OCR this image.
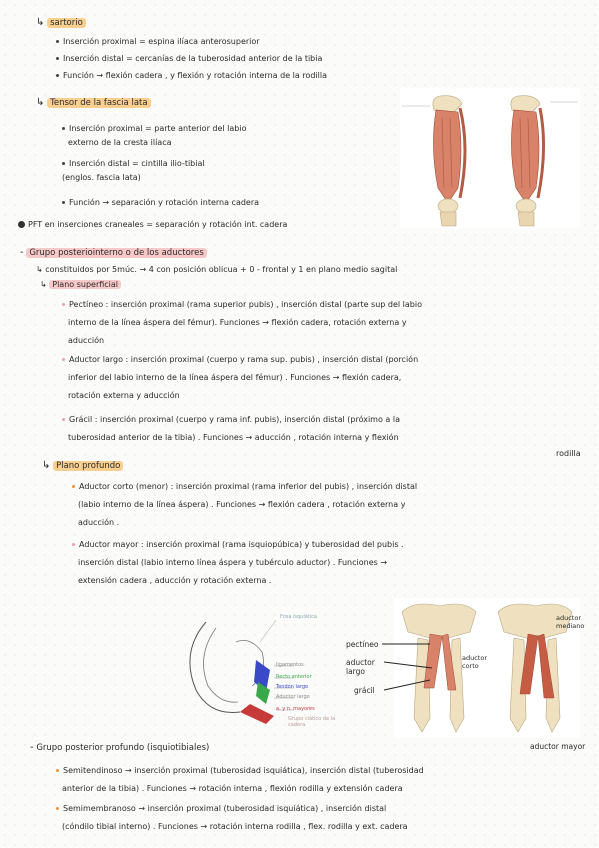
↳ sartorio
Inserción proximal = espina ilíaca anterosuperior
Inserción distal = cercanías de la tuberosidad anterior de la tibia
Función → flexión cadera , y flexión y rotación interna de la rodilla
↳ Tensor de la fascia lata
Inserción proximal = parte anterior del labio
externo de la cresta ilíaca
Inserción distal = cintilla ilio-tibial
(englos. fascia lata)
Función → separación y rotación interna cadera
PFT en inserciones craneales = separación y rotación int. cadera
- Grupo posteriointerno o de los aductores
↳ constituidos por 5múс. → 4 con posición oblicua + 0 - frontal y 1 en plano medio sagital
↳ Plano superficial
Pectíneo : inserción proximal (rama superior pubis) , inserción distal (parte sup del labio
interno de la línea áspera del fémur). Funciones → flexión cadera, rotación externa y
aducción
Aductor largo : inserción proximal (cuerpo y rama sup. pubis) , inserción distal (porción
inferior del labio interno de la línea áspera del fémur) . Funciones → flexión cadera,
rotación externa y aducción
Grácil : inserción proximal (cuerpo y rama inf. pubis), inserción distal (próximo a la
tuberosidad anterior de la tibia) . Funciones → aducción , rotación interna y flexión
rodilla
↳ Plano profundo
Aductor corto (menor) : inserción proximal (rama inferior del pubis) , inserción distal
(labio interno de la línea áspera) . Funciones → flexión cadera , rotación externa y
aducción .
Aductor mayor : inserción proximal (rama isquiopúbica) y tuberosidad del pubis .
inserción distal (labio interno línea áspera y tubérculo aductor) . Funciones →
extensión cadera , aducción y rotación externa .
Fosa isquiática
ligamentos
Recto anterior
Tendón largo
Aductor largo
a. y n. mayores
Grupo ciático de la cadera
pectíneo
aductor largo
grácil
aductor corto
aductor mediano
aductor mayor
- Grupo posterior profundo (isquiotibiales)
Semitendinoso → inserción proximal (tuberosidad isquiática), inserción distal (tuberosidad
anterior de la tibia) . Funciones → rotación interna , flexión rodilla y extensión cadera
Semimembranoso → inserción proximal (tuberosidad isquiática) , inserción distal
(cóndilo tibial interno) . Funciones → rotación interna rodilla , flex. rodilla y ext. cadera
